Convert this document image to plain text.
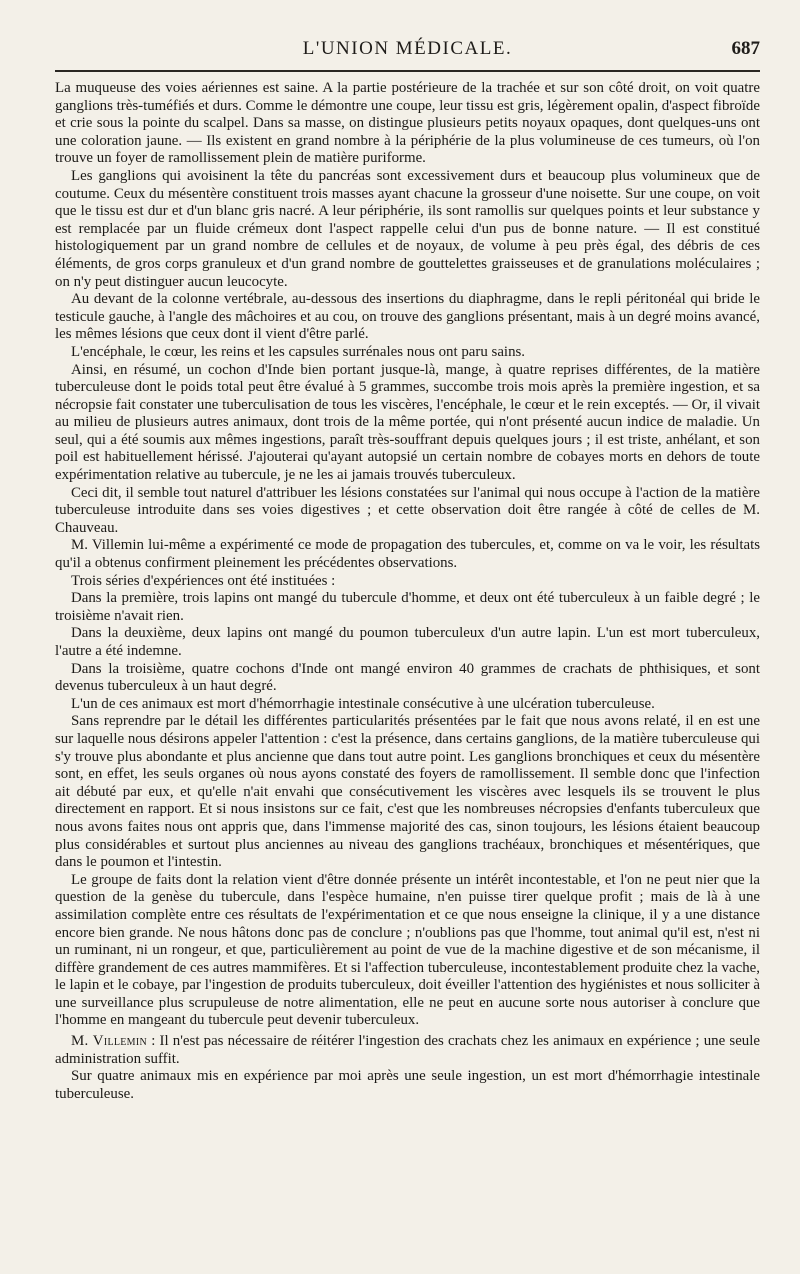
L'UNION MÉDICALE.	687

La muqueuse des voies aériennes est saine. A la partie postérieure de la trachée et sur son côté droit, on voit quatre ganglions très-tuméfiés et durs. Comme le démontre une coupe, leur tissu est gris, légèrement opalin, d'aspect fibroïde et crie sous la pointe du scalpel. Dans sa masse, on distingue plusieurs petits noyaux opaques, dont quelques-uns ont une coloration jaune. — Ils existent en grand nombre à la périphérie de la plus volumineuse de ces tumeurs, où l'on trouve un foyer de ramollissement plein de matière puriforme.

Les ganglions qui avoisinent la tête du pancréas sont excessivement durs et beaucoup plus volumineux que de coutume. Ceux du mésentère constituent trois masses ayant chacune la grosseur d'une noisette. Sur une coupe, on voit que le tissu est dur et d'un blanc gris nacré. A leur périphérie, ils sont ramollis sur quelques points et leur substance y est remplacée par un fluide crémeux dont l'aspect rappelle celui d'un pus de bonne nature. — Il est constitué histologiquement par un grand nombre de cellules et de noyaux, de volume à peu près égal, des débris de ces éléments, de gros corps granuleux et d'un grand nombre de gouttelettes graisseuses et de granulations moléculaires ; on n'y peut distinguer aucun leucocyte.

Au devant de la colonne vertébrale, au-dessous des insertions du diaphragme, dans le repli péritonéal qui bride le testicule gauche, à l'angle des mâchoires et au cou, on trouve des ganglions présentant, mais à un degré moins avancé, les mêmes lésions que ceux dont il vient d'être parlé.

L'encéphale, le cœur, les reins et les capsules surrénales nous ont paru sains.

Ainsi, en résumé, un cochon d'Inde bien portant jusque-là, mange, à quatre reprises différentes, de la matière tuberculeuse dont le poids total peut être évalué à 5 grammes, succombe trois mois après la première ingestion, et sa nécropsie fait constater une tuberculisation de tous les viscères, l'encéphale, le cœur et le rein exceptés. — Or, il vivait au milieu de plusieurs autres animaux, dont trois de la même portée, qui n'ont présenté aucun indice de maladie. Un seul, qui a été soumis aux mêmes ingestions, paraît très-souffrant depuis quelques jours ; il est triste, anhélant, et son poil est habituellement hérissé. J'ajouterai qu'ayant autopsié un certain nombre de cobayes morts en dehors de toute expérimentation relative au tubercule, je ne les ai jamais trouvés tuberculeux.

Ceci dit, il semble tout naturel d'attribuer les lésions constatées sur l'animal qui nous occupe à l'action de la matière tuberculeuse introduite dans ses voies digestives ; et cette observation doit être rangée à côté de celles de M. Chauveau.

M. Villemin lui-même a expérimenté ce mode de propagation des tubercules, et, comme on va le voir, les résultats qu'il a obtenus confirment pleinement les précédentes observations.

Trois séries d'expériences ont été instituées :

Dans la première, trois lapins ont mangé du tubercule d'homme, et deux ont été tuberculeux à un faible degré ; le troisième n'avait rien.

Dans la deuxième, deux lapins ont mangé du poumon tuberculeux d'un autre lapin. L'un est mort tuberculeux, l'autre a été indemne.

Dans la troisième, quatre cochons d'Inde ont mangé environ 40 grammes de crachats de phthisiques, et sont devenus tuberculeux à un haut degré.

L'un de ces animaux est mort d'hémorrhagie intestinale consécutive à une ulcération tuberculeuse.

Sans reprendre par le détail les différentes particularités présentées par le fait que nous avons relaté, il en est une sur laquelle nous désirons appeler l'attention : c'est la présence, dans certains ganglions, de la matière tuberculeuse qui s'y trouve plus abondante et plus ancienne que dans tout autre point. Les ganglions bronchiques et ceux du mésentère sont, en effet, les seuls organes où nous ayons constaté des foyers de ramollissement. Il semble donc que l'infection ait débuté par eux, et qu'elle n'ait envahi que consécutivement les viscères avec lesquels ils se trouvent le plus directement en rapport. Et si nous insistons sur ce fait, c'est que les nombreuses nécropsies d'enfants tuberculeux que nous avons faites nous ont appris que, dans l'immense majorité des cas, sinon toujours, les lésions étaient beaucoup plus considérables et surtout plus anciennes au niveau des ganglions trachéaux, bronchiques et mésentériques, que dans le poumon et l'intestin.

Le groupe de faits dont la relation vient d'être donnée présente un intérêt incontestable, et l'on ne peut nier que la question de la genèse du tubercule, dans l'espèce humaine, n'en puisse tirer quelque profit ; mais de là à une assimilation complète entre ces résultats de l'expérimentation et ce que nous enseigne la clinique, il y a une distance encore bien grande. Ne nous hâtons donc pas de conclure ; n'oublions pas que l'homme, tout animal qu'il est, n'est ni un ruminant, ni un rongeur, et que, particulièrement au point de vue de la machine digestive et de son mécanisme, il diffère grandement de ces autres mammifères. Et si l'affection tuberculeuse, incontestablement produite chez la vache, le lapin et le cobaye, par l'ingestion de produits tuberculeux, doit éveiller l'attention des hygiénistes et nous solliciter à une surveillance plus scrupuleuse de notre alimentation, elle ne peut en aucune sorte nous autoriser à conclure que l'homme en mangeant du tubercule peut devenir tuberculeux.

M. Villemin : Il n'est pas nécessaire de réitérer l'ingestion des crachats chez les animaux en expérience ; une seule administration suffit.

Sur quatre animaux mis en expérience par moi après une seule ingestion, un est mort d'hémorrhagie intestinale tuberculeuse.
